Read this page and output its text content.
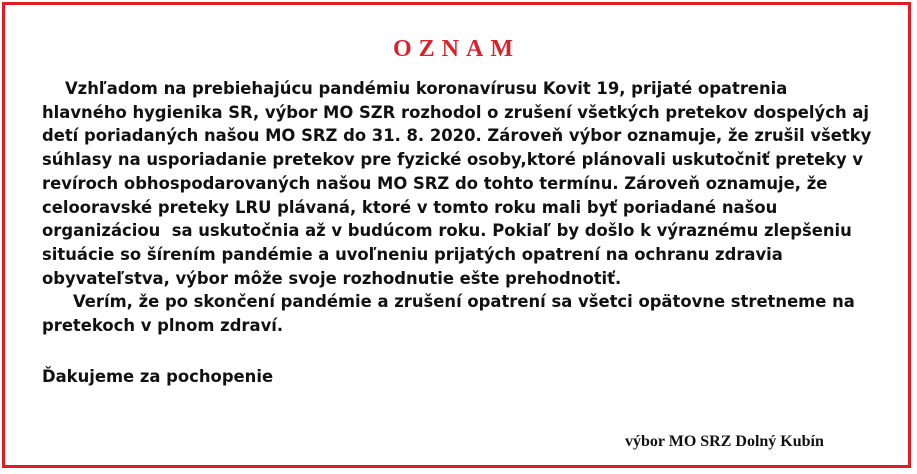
OZNAM

Vzhľadom na prebiehajúcu pandémiu koronavírusu Kovit 19, prijaté opatrenia hlavného hygienika SR, výbor MO SZR rozhodol o zrušení všetkých pretekov dospelých aj detí poriadaných našou MO SRZ do 31. 8. 2020. Zároveň výbor oznamuje, že zrušil všetky súhlasy na usporiadanie pretekov pre fyzické osoby,ktoré plánovali uskutočniť preteky v revíroch obhospodarovaných našou MO SRZ do tohto termínu. Zároveň oznamuje, že celooravské preteky LRU plávaná, ktoré v tomto roku mali byť poriadané našou organizáciou  sa uskutočnia až v budúcom roku. Pokiaľ by došlo k výraznému zlepšeniu situácie so šírením pandémie a uvoľneniu prijatých opatrení na ochranu zdravia obyvateľstva, výbor môže svoje rozhodnutie ešte prehodnotiť.

Verím, že po skončení pandémie a zrušení opatrení sa všetci opätovne stretneme na pretekoch v plnom zdraví.

Ďakujeme za pochopenie

výbor MO SRZ Dolný Kubín
